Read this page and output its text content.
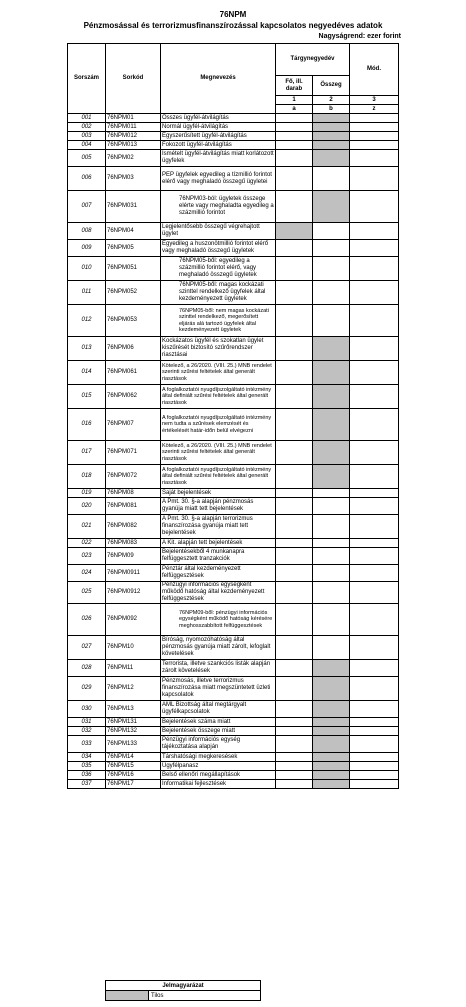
76NPM
Pénzmosással és terrorizmusfinanszírozással kapcsolatos negyedéves adatok
Nagyságrend: ezer forint
Sorszám	Sorkód	Megnevezés	Tárgynegyedév		Mód.
			Fő, ill. darab	Összeg	
			1	2	3
			a	b	z
001	76NPM01	Összes ügyfél-átvilágítás			
002	76NPM011	Normál ügyfél-átvilágítás			
003	76NPM012	Egyszerűsített ügyfél-átvilágítás			
004	76NPM013	Fokozott ügyfél-átvilágítás			
005	76NPM02	Ismételt ügyfél-átvilágítás miatt korlátozott ügyfelek			
006	76NPM03	PEP ügyfelek egyedileg a tízmillió forintot elérő vagy meghaladó összegű ügyletei			
007	76NPM031	76NPM03-ból: ügyletek összege elérte vagy meghaladta egyedileg a százmillió forintot			
008	76NPM04	Legjelentősebb összegű végrehajtott ügylet			
009	76NPM05	Egyedileg a huszonötmillió forintot elérő vagy meghaladó összegű ügyletek			
010	76NPM051	76NPM05-ből: egyedileg a százmillió forintot elérő, vagy meghaladó összegű ügyletek			
011	76NPM052	76NPM05-ből: magas kockázati szinttel rendelkező ügyfelek által kezdeményezett ügyletek			
012	76NPM053	76NPM05-ből: nem magas kockázati szinttel rendelkező, megerősített eljárás alá tartozó ügyfelek által kezdeményezett ügyletek			
013	76NPM06	Kockázatos ügyfél és szokatlan ügylet kiszűrését biztosító szűrőrendszer riasztásai			
014	76NPM061	Kötelező, a 26/2020. (VIII. 25.) MNB rendelet szerinti szűrési feltételek által generált riasztások			
015	76NPM062	A foglalkoztatói nyugdíjszolgáltató intézmény által definiált szűrési feltételek által generált riasztások			
016	76NPM07	A foglalkoztatói nyugdíjszolgáltató intézmény nem tudta a szűrések elemzését és értékelését határ-időn belül elvégezni			
017	76NPM071	Kötelező, a 26/2020. (VIII. 25.) MNB rendelet szerinti szűrési feltételek által generált riasztások			
018	76NPM072	A foglalkoztatói nyugdíjszolgáltató intézmény által definiált szűrési feltételek által generált riasztások			
019	76NPM08	Saját bejelentések			
020	76NPM081	A Pmt. 30. §-a alapján pénzmosás gyanúja miatt tett bejelentések			
021	76NPM082	A Pmt. 30. §-a alapján terrorizmus finanszírozása gyanúja miatt tett bejelentések			
022	76NPM083	A Kit. alapján tett bejelentések			
023	76NPM09	Bejelentésekből 4 munkanapra felfüggesztett tranzakciók			
024	76NPM0911	Pénztár által kezdeményezett felfüggesztések			
025	76NPM0912	Pénzügyi információs egységként működő hatóság által kezdeményezett felfüggesztések			
026	76NPM092	76NPM09-ből: pénzügyi információs egységként működő hatóság kérésére meghosszabbított felfüggesztések			
027	76NPM10	Bíróság, nyomozóhatóság által pénzmosás gyanúja miatt zárolt, lefoglalt követelések			
028	76NPM11	Terrorista, illetve szankciós listák alapján zárolt követelések			
029	76NPM12	Pénzmosás, illetve terrorizmus finanszírozása miatt megszüntetett üzleti kapcsolatok			
030	76NPM13	AML Bizottság által megtárgyalt ügyfélkapcsolatok			
031	76NPM131	Bejelentések száma miatt			
032	76NPM132	Bejelentések összege miatt			
033	76NPM133	Pénzügyi információs egység tájékoztatása alapján			
034	76NPM14	Társhatósági megkeresések			
035	76NPM15	Ügyfélpanasz			
036	76NPM16	Belső ellenőri megállapítások			
037	76NPM17	Informatikai fejlesztések			
Jelmagyarázat
	Tilos
